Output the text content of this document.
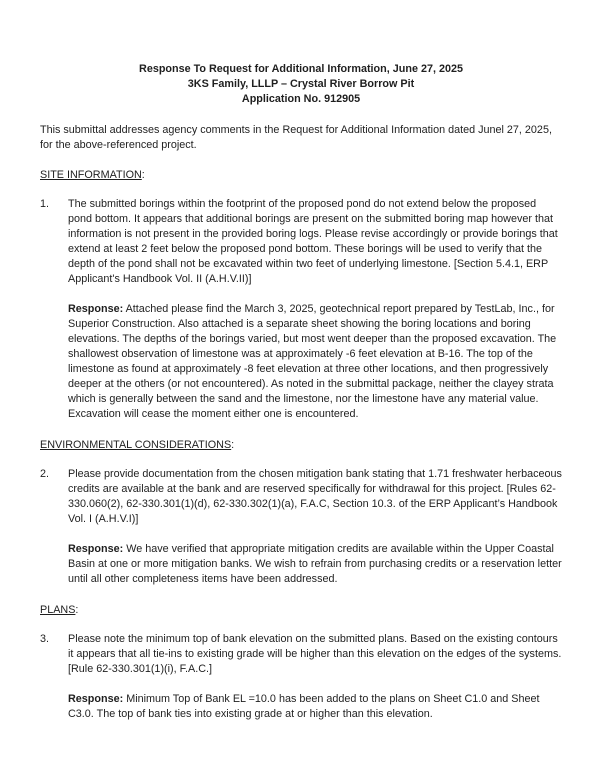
Response To Request for Additional Information, June 27, 2025

3KS Family, LLLP – Crystal River Borrow Pit

Application No. 912905

This submittal addresses agency comments in the Request for Additional Information dated Junel 27, 2025, for the above-referenced project.

SITE INFORMATION:
1.	The submitted borings within the footprint of the proposed pond do not extend below the proposed pond bottom. It appears that additional borings are present on the submitted boring map however that information is not present in the provided boring logs. Please revise accordingly or provide borings that extend at least 2 feet below the proposed pond bottom. These borings will be used to verify that the depth of the pond shall not be excavated within two feet of underlying limestone. [Section 5.4.1, ERP Applicant's Handbook Vol. II (A.H.V.II)]

Response: Attached please find the March 3, 2025, geotechnical report prepared by TestLab, Inc., for Superior Construction. Also attached is a separate sheet showing the boring locations and boring elevations. The depths of the borings varied, but most went deeper than the proposed excavation. The shallowest observation of limestone was at approximately -6 feet elevation at B-16. The top of the limestone as found at approximately -8 feet elevation at three other locations, and then progressively deeper at the others (or not encountered). As noted in the submittal package, neither the clayey strata which is generally between the sand and the limestone, nor the limestone have any material value. Excavation will cease the moment either one is encountered.

ENVIRONMENTAL CONSIDERATIONS:
2.	Please provide documentation from the chosen mitigation bank stating that 1.71 freshwater herbaceous credits are available at the bank and are reserved specifically for withdrawal for this project. [Rules 62-330.060(2), 62-330.301(1)(d), 62-330.302(1)(a), F.A.C, Section 10.3. of the ERP Applicant’s Handbook Vol. I (A.H.V.I)]

Response: We have verified that appropriate mitigation credits are available within the Upper Coastal Basin at one or more mitigation banks. We wish to refrain from purchasing credits or a reservation letter until all other completeness items have been addressed.

PLANS:
3.	Please note the minimum top of bank elevation on the submitted plans. Based on the existing contours it appears that all tie-ins to existing grade will be higher than this elevation on the edges of the systems. [Rule 62-330.301(1)(i), F.A.C.]

Response: Minimum Top of Bank EL =10.0 has been added to the plans on Sheet C1.0 and Sheet C3.0. The top of bank ties into existing grade at or higher than this elevation.
